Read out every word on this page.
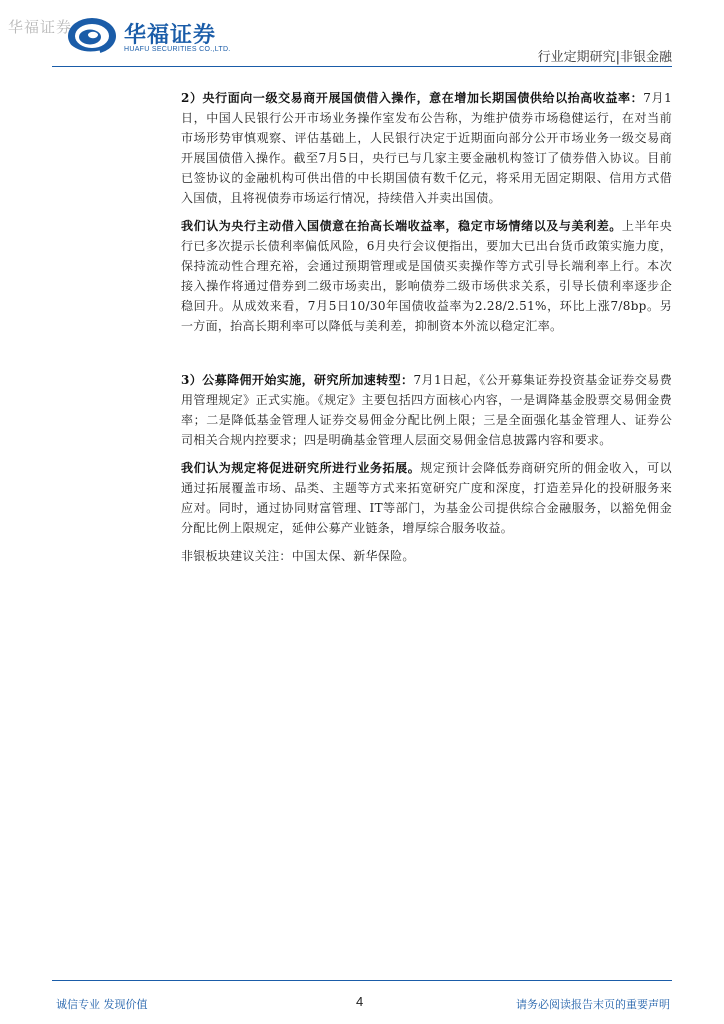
华福证券 华福证券
HUAFU SECURITIES CO.,LTD.
行业定期研究|非银金融

2）央行面向一级交易商开展国债借入操作，意在增加长期国债供给以抬高收益率：7月1日，中国人民银行公开市场业务操作室发布公告称，为维护债券市场稳健运行，在对当前市场形势审慎观察、评估基础上，人民银行决定于近期面向部分公开市场业务一级交易商开展国债借入操作。截至7月5日，央行已与几家主要金融机构签订了债券借入协议。目前已签协议的金融机构可供出借的中长期国债有数千亿元，将采用无固定期限、信用方式借入国债，且将视债券市场运行情况，持续借入并卖出国债。

我们认为央行主动借入国债意在抬高长端收益率，稳定市场情绪以及与美利差。上半年央行已多次提示长债利率偏低风险，6月央行会议便指出，要加大已出台货币政策实施力度，保持流动性合理充裕，会通过预期管理或是国债买卖操作等方式引导长端利率上行。本次接入操作将通过借券到二级市场卖出，影响债券二级市场供求关系，引导长债利率逐步企稳回升。从成效来看，7月5日10/30年国债收益率为2.28/2.51%，环比上涨7/8bp。另一方面，抬高长期利率可以降低与美利差，抑制资本外流以稳定汇率。

3）公募降佣开始实施，研究所加速转型：7月1日起，《公开募集证券投资基金证券交易费用管理规定》正式实施。《规定》主要包括四方面核心内容，一是调降基金股票交易佣金费率；二是降低基金管理人证券交易佣金分配比例上限；三是全面强化基金管理人、证券公司相关合规内控要求；四是明确基金管理人层面交易佣金信息披露内容和要求。

我们认为规定将促进研究所进行业务拓展。规定预计会降低券商研究所的佣金收入，可以通过拓展覆盖市场、品类、主题等方式来拓宽研究广度和深度，打造差异化的投研服务来应对。同时，通过协同财富管理、IT等部门，为基金公司提供综合金融服务，以豁免佣金分配比例上限规定，延伸公募产业链条，增厚综合服务收益。

非银板块建议关注：中国太保、新华保险。

诚信专业 发现价值	4	请务必阅读报告末页的重要声明
